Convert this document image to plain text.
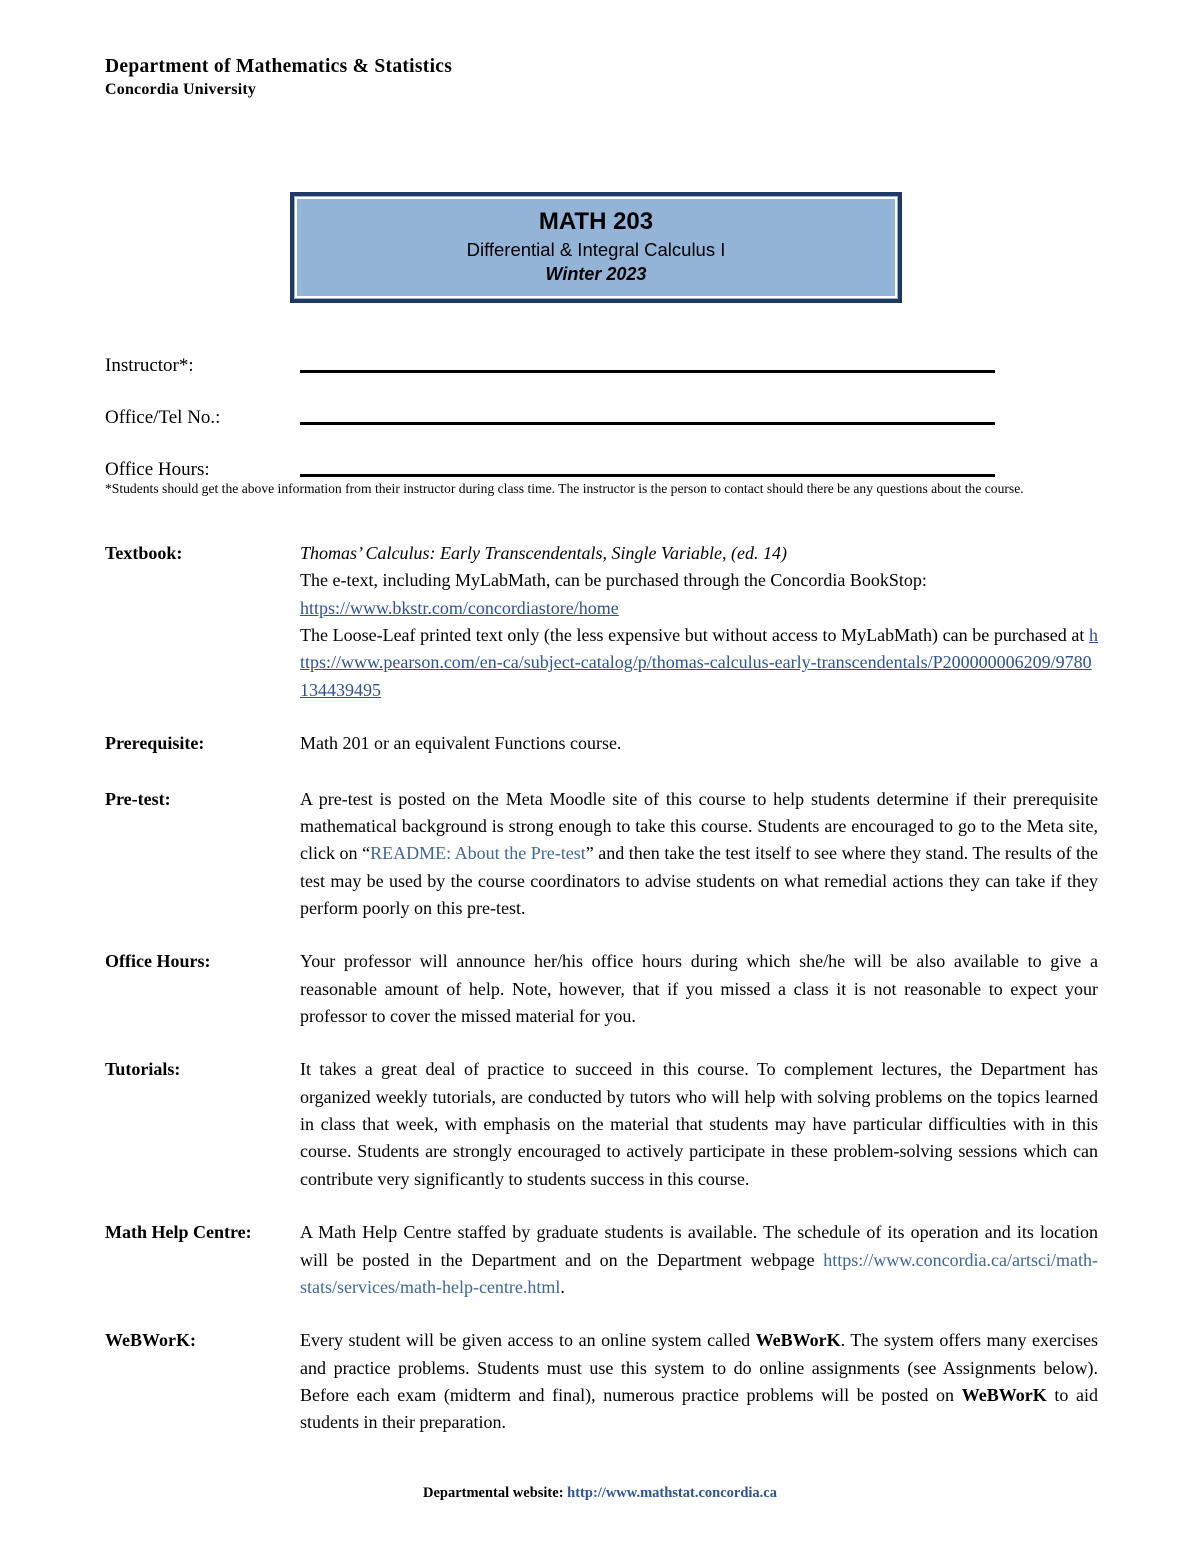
Department of Mathematics & Statistics
Concordia University
MATH 203
Differential & Integral Calculus I
Winter 2023
Instructor*:
Office/Tel No.:
Office Hours:
*Students should get the above information from their instructor during class time. The instructor is the person to contact should there be any questions about the course.
Textbook:	Thomas’ Calculus: Early Transcendentals, Single Variable, (ed. 14)

The e-text, including MyLabMath, can be purchased through the Concordia BookStop:

https://www.bkstr.com/concordiastore/home

The Loose-Leaf printed text only (the less expensive but without access to MyLabMath) can be purchased at https://www.pearson.com/en-ca/subject-catalog/p/thomas-calculus-early-transcendentals/P200000006209/9780134439495

Prerequisite:	Math 201 or an equivalent Functions course.

Pre-test:	A pre-test is posted on the Meta Moodle site of this course to help students determine if their prerequisite mathematical background is strong enough to take this course. Students are encouraged to go to the Meta site, click on “README: About the Pre-test” and then take the test itself to see where they stand. The results of the test may be used by the course coordinators to advise students on what remedial actions they can take if they perform poorly on this pre-test.

Office Hours:	Your professor will announce her/his office hours during which she/he will be also available to give a reasonable amount of help. Note, however, that if you missed a class it is not reasonable to expect your professor to cover the missed material for you.

Tutorials:	It takes a great deal of practice to succeed in this course. To complement lectures, the Department has organized weekly tutorials, are conducted by tutors who will help with solving problems on the topics learned in class that week, with emphasis on the material that students may have particular difficulties with in this course. Students are strongly encouraged to actively participate in these problem-solving sessions which can contribute very significantly to students success in this course.

Math Help Centre:	A Math Help Centre staffed by graduate students is available. The schedule of its operation and its location will be posted in the Department and on the Department webpage https://www.concordia.ca/artsci/math-stats/services/math-help-centre.html.

WeBWorK:	Every student will be given access to an online system called WeBWorK. The system offers many exercises and practice problems. Students must use this system to do online assignments (see Assignments below). Before each exam (midterm and final), numerous practice problems will be posted on WeBWorK to aid students in their preparation.

Departmental website: http://www.mathstat.concordia.ca
